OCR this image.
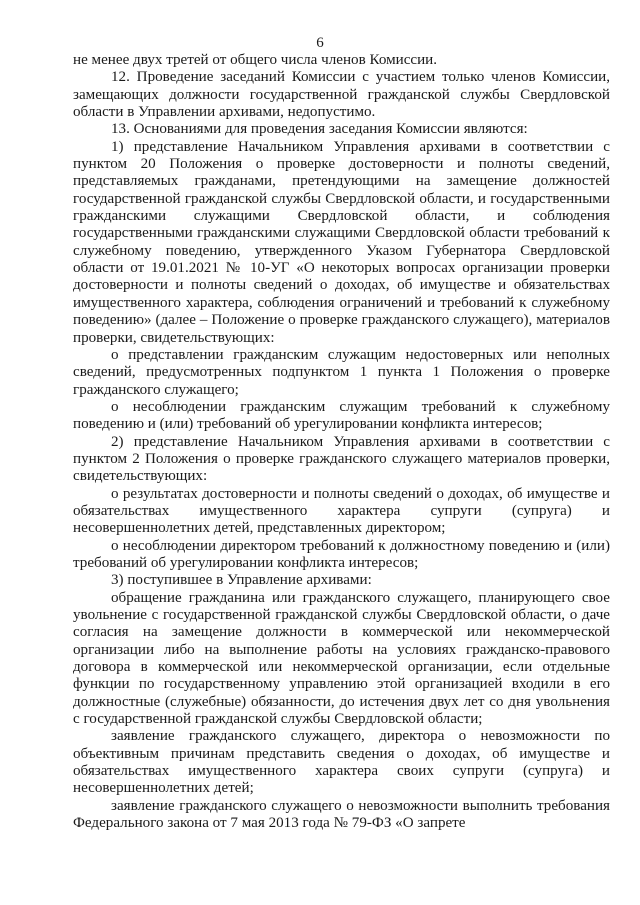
6

не менее двух третей от общего числа членов Комиссии.

12. Проведение заседаний Комиссии с участием только членов Комиссии, замещающих должности государственной гражданской службы Свердловской области в Управлении архивами, недопустимо.

13. Основаниями для проведения заседания Комиссии являются:

1) представление Начальником Управления архивами в соответствии с пунктом 20 Положения о проверке достоверности и полноты сведений, представляемых гражданами, претендующими на замещение должностей государственной гражданской службы Свердловской области, и государственными гражданскими служащими Свердловской области, и соблюдения государственными гражданскими служащими Свердловской области требований к служебному поведению, утвержденного Указом Губернатора Свердловской области от 19.01.2021 № 10-УГ «О некоторых вопросах организации проверки достоверности и полноты сведений о доходах, об имуществе и обязательствах имущественного характера, соблюдения ограничений и требований к служебному поведению» (далее – Положение о проверке гражданского служащего), материалов проверки, свидетельствующих:

о представлении гражданским служащим недостоверных или неполных сведений, предусмотренных подпунктом 1 пункта 1 Положения о проверке гражданского служащего;

о несоблюдении гражданским служащим требований к служебному поведению и (или) требований об урегулировании конфликта интересов;

2) представление Начальником Управления архивами в соответствии с пунктом 2 Положения о проверке гражданского служащего материалов проверки, свидетельствующих:

о результатах достоверности и полноты сведений о доходах, об имуществе и обязательствах имущественного характера супруги (супруга) и несовершеннолетних детей, представленных директором;

о несоблюдении директором требований к должностному поведению и (или) требований об урегулировании конфликта интересов;

3) поступившее в Управление архивами:

обращение гражданина или гражданского служащего, планирующего свое увольнение с государственной гражданской службы Свердловской области, о даче согласия на замещение должности в коммерческой или некоммерческой организации либо на выполнение работы на условиях гражданско-правового договора в коммерческой или некоммерческой организации, если отдельные функции по государственному управлению этой организацией входили в его должностные (служебные) обязанности, до истечения двух лет со дня увольнения с государственной гражданской службы Свердловской области;

заявление гражданского служащего, директора о невозможности по объективным причинам представить сведения о доходах, об имуществе и обязательствах имущественного характера своих супруги (супруга) и несовершеннолетних детей;

заявление гражданского служащего о невозможности выполнить требования Федерального закона от 7 мая 2013 года № 79-ФЗ «О запрете
